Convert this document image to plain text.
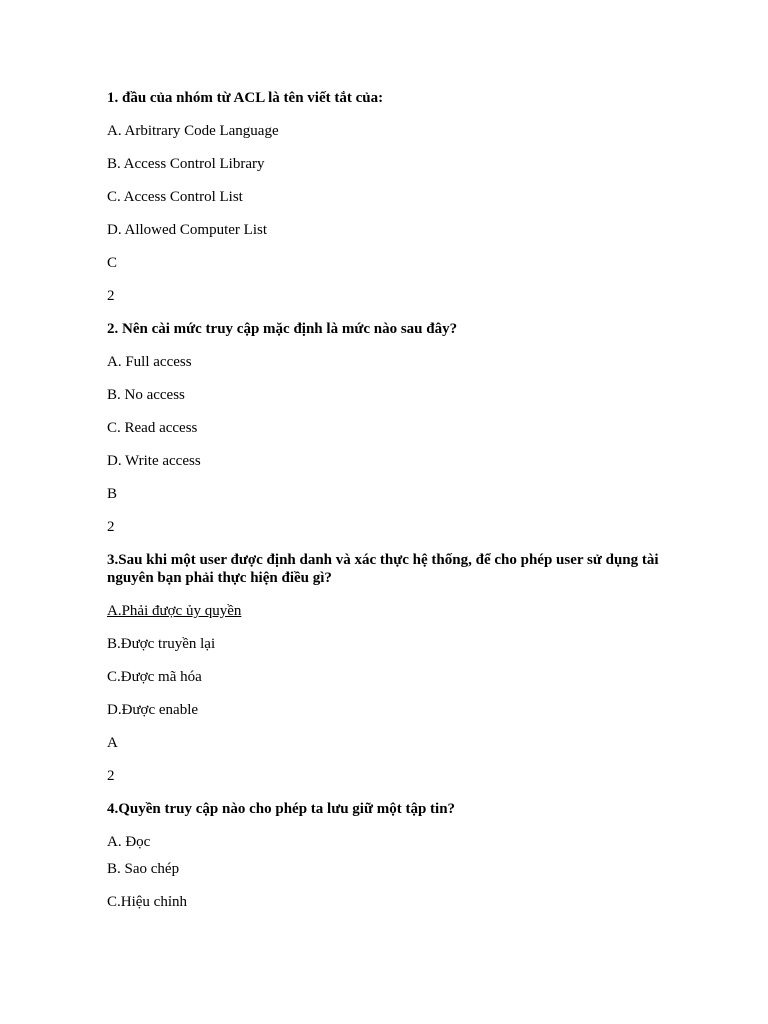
1. đầu của nhóm từ ACL là tên viết tắt của:
A. Arbitrary Code Language
B. Access Control Library
C. Access Control List
D. Allowed Computer List
C
2
2. Nên cài mức truy cập mặc định là mức nào sau đây?
A. Full access
B. No access
C. Read access
D. Write access
B
2
3.Sau khi một user được định danh và xác thực hệ thống, để cho phép user sử dụng tài nguyên bạn phải thực hiện điều gì?
A.Phải được ủy quyền
B.Được truyền lại
C.Được mã hóa
D.Được enable
A
2
4.Quyền truy cập nào cho phép ta lưu giữ một tập tin?
A. Đọc
B. Sao chép
C.Hiệu chỉnh
